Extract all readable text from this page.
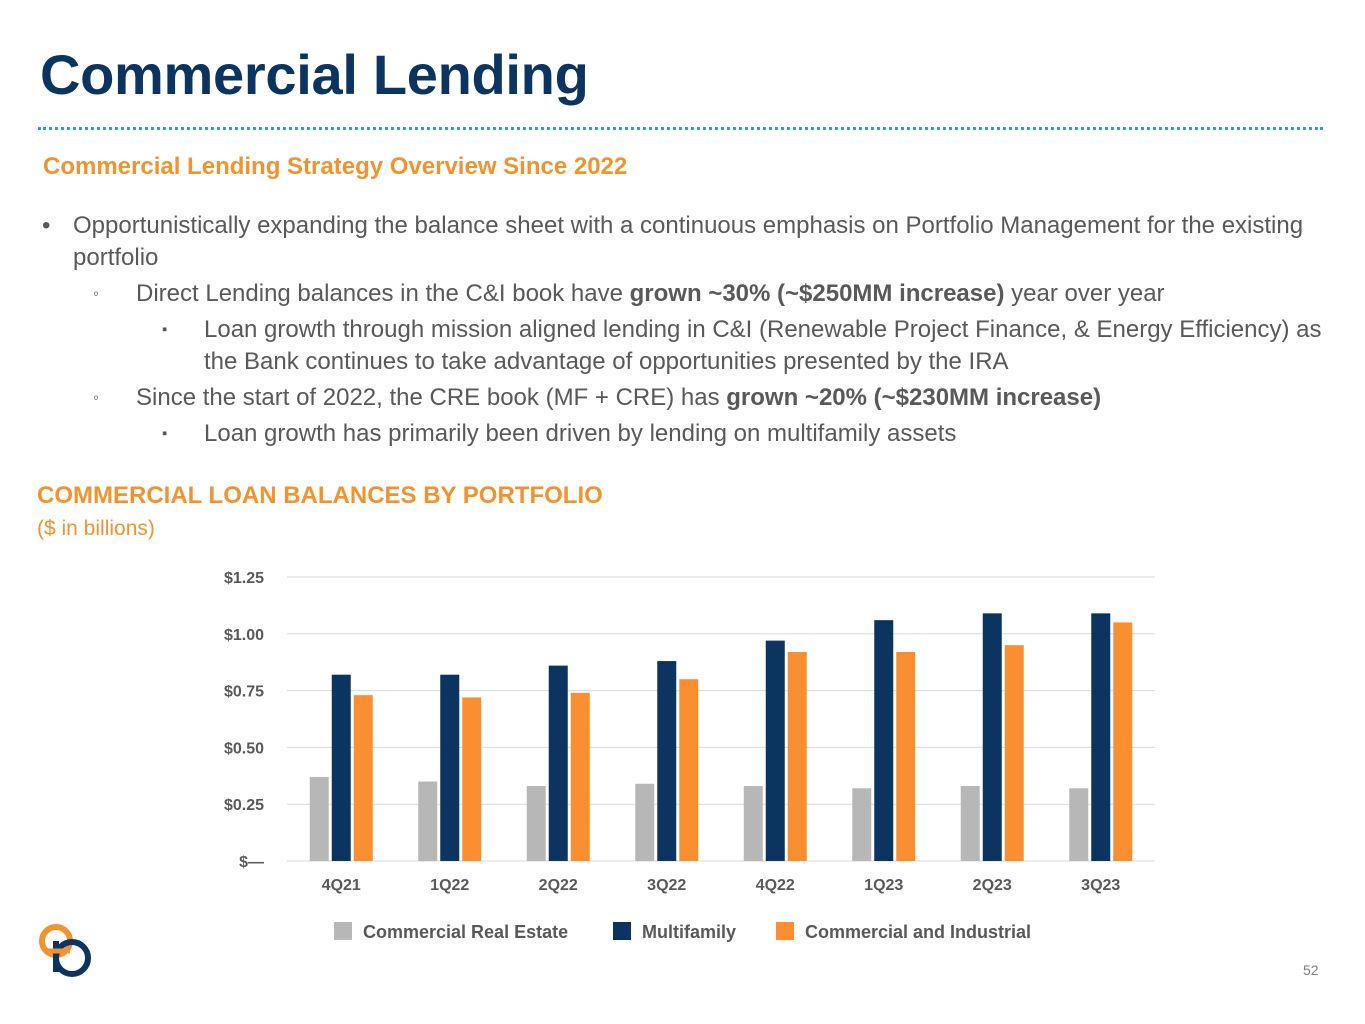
Commercial Lending
Commercial Lending Strategy Overview Since 2022
• Opportunistically expanding the balance sheet with a continuous emphasis on Portfolio Management for the existing portfolio
◦ Direct Lending balances in the C&I book have grown ~30% (~$250MM increase) year over year
▪ Loan growth through mission aligned lending in C&I (Renewable Project Finance, & Energy Efficiency) as the Bank continues to take advantage of opportunities presented by the IRA
◦ Since the start of 2022, the CRE book (MF + CRE) has grown ~20% (~$230MM increase)
▪ Loan growth has primarily been driven by lending on multifamily assets
COMMERCIAL LOAN BALANCES BY PORTFOLIO
($ in billions)
$—
$0.25
$0.50
$0.75
$1.00
$1.25
4Q21	1Q22	2Q22	3Q22	4Q22	1Q23	2Q23	3Q23
Commercial Real Estate	Multifamily	Commercial and Industrial
52
